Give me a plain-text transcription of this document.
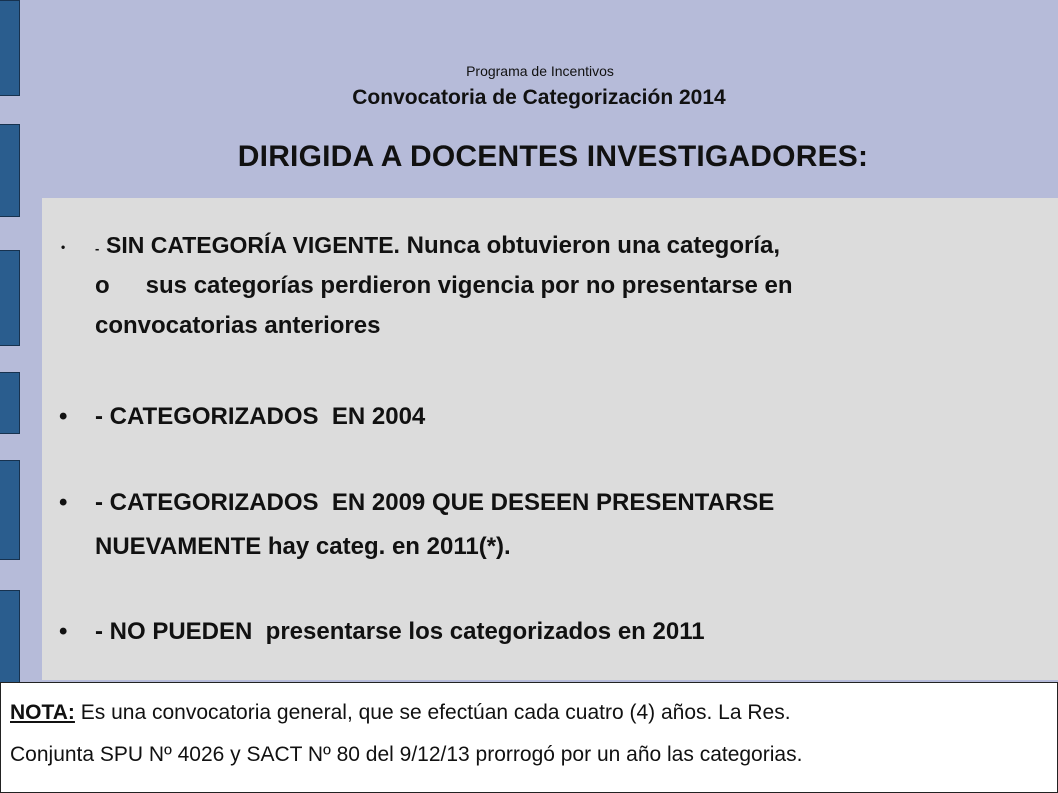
Programa de Incentivos
Convocatoria de Categorización 2014
DIRIGIDA A DOCENTES INVESTIGADORES:
•	- SIN CATEGORÍA VIGENTE. Nunca obtuvieron una categoría,
o sus categorías perdieron vigencia por no presentarse en
convocatorias anteriores
•	- CATEGORIZADOS  EN 2004
•	- CATEGORIZADOS  EN 2009 QUE DESEEN PRESENTARSE
NUEVAMENTE hay categ. en 2011(*).
•	- NO PUEDEN  presentarse los categorizados en 2011
NOTA: Es una convocatoria general, que se efectúan cada cuatro (4) años. La Res.
Conjunta SPU Nº 4026 y SACT Nº 80 del 9/12/13 prorrogó por un año las categorias.
